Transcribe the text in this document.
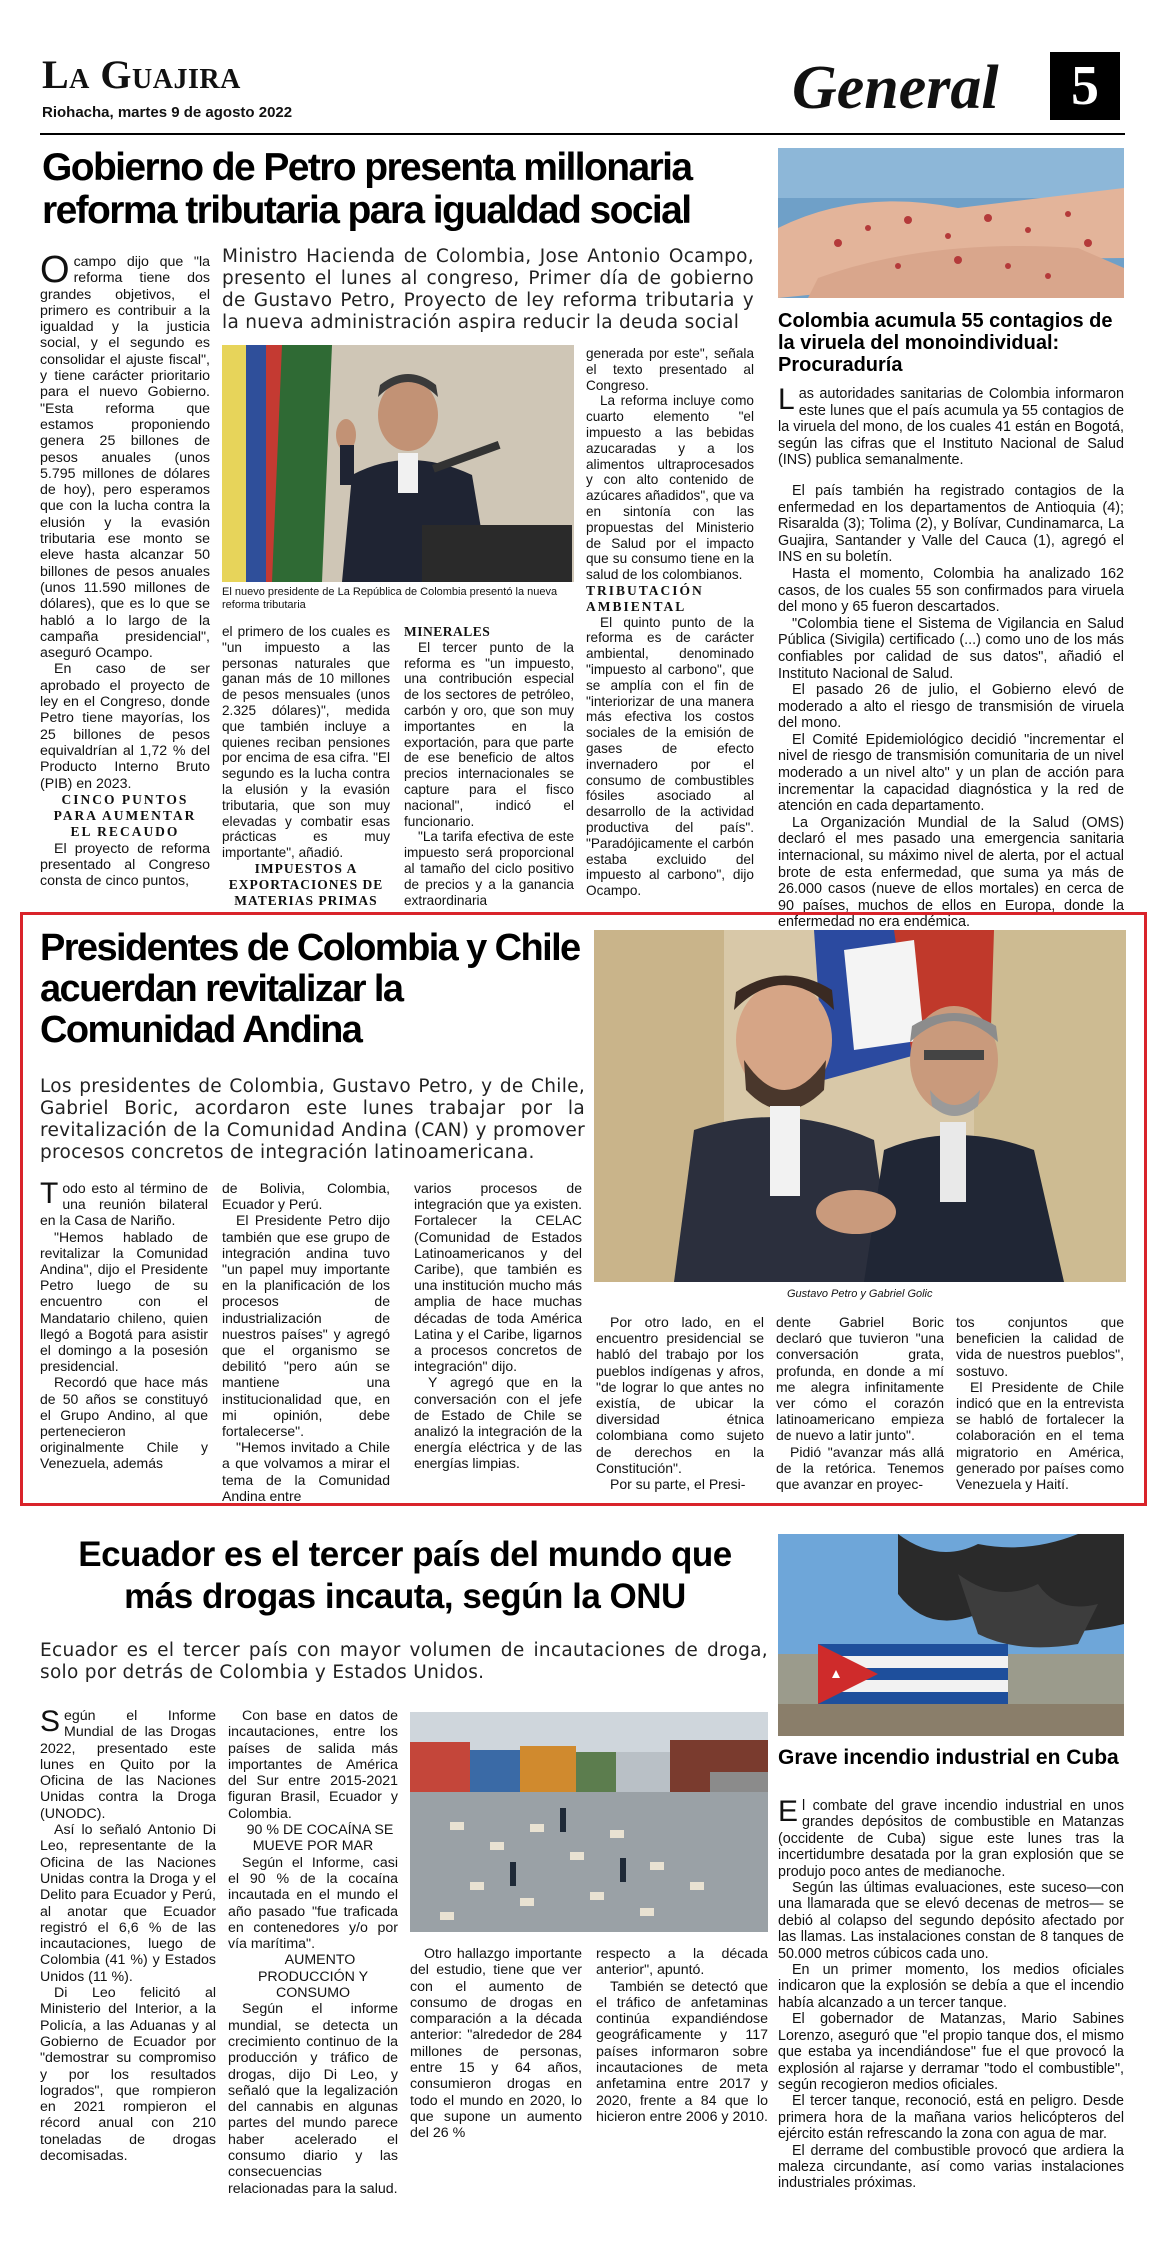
La Guajira
Riohacha, martes 9 de agosto 2022	General	5
Gobierno de Petro presenta millonaria reforma tributaria para igualdad social

Ocampo dijo que "la reforma tiene dos grandes objetivos, el primero es contribuir a la igualdad y la justicia social, y el segundo es consolidar el ajuste fiscal", y tiene carácter prioritario para el nuevo Gobierno. "Esta reforma que estamos proponiendo genera 25 billones de pesos anuales (unos 5.795 millones de dólares de hoy), pero esperamos que con la lucha contra la elusión y la evasión tributaria ese monto se eleve hasta alcanzar 50 billones de pesos anuales (unos 11.590 millones de dólares), que es lo que se habló a lo largo de la campaña presidencial", aseguró Ocampo.

En caso de ser aprobado el proyecto de ley en el Congreso, donde Petro tiene mayorías, los 25 billones de pesos equivaldrían al 1,72 % del Producto Interno Bruto (PIB) en 2023.

CINCO PUNTOS PARA AUMENTAR EL RECAUDO

El proyecto de reforma presentado al Congreso consta de cinco puntos,

Ministro Hacienda de Colombia, Jose Antonio Ocampo, presento el lunes al congreso, Primer día de gobierno de Gustavo Petro, Proyecto de ley reforma tributaria y la nueva administración aspira reducir la deuda social
El nuevo presidente de La República de Colombia presentó la nueva reforma tributaria

el primero de los cuales es "un impuesto a las personas naturales que ganan más de 10 millones de pesos mensuales (unos 2.325 dólares)", medida que también incluye a quienes reciban pensiones por encima de esa cifra. "El segundo es la lucha contra la elusión y la evasión tributaria, que son muy elevadas y combatir esas prácticas es muy importante", añadió.

IMPUESTOS A EXPORTACIONES DE MATERIAS PRIMAS

MINERALES

El tercer punto de la reforma es "un impuesto, una contribución especial de los sectores de petróleo, carbón y oro, que son muy importantes en la exportación, para que parte de ese beneficio de altos precios internacionales se capture para el fisco nacional", indicó el funcionario.

"La tarifa efectiva de este impuesto será proporcional al tamaño del ciclo positivo de precios y a la ganancia extraordinaria

generada por este", señala el texto presentado al Congreso.

La reforma incluye como cuarto elemento "el impuesto a las bebidas azucaradas y a los alimentos ultraprocesados y con alto contenido de azúcares añadidos", que va en sintonía con las propuestas del Ministerio de Salud por el impacto que su consumo tiene en la salud de los colombianos.

TRIBUTACIÓN AMBIENTAL

El quinto punto de la reforma es de carácter ambiental, denominado "impuesto al carbono", que se amplía con el fin de "interiorizar de una manera más efectiva los costos sociales de la emisión de gases de efecto invernadero por el consumo de combustibles fósiles asociado al desarrollo de la actividad productiva del país". "Paradójicamente el carbón estaba excluido del impuesto al carbono", dijo Ocampo.

Colombia acumula 55 contagios de la viruela del monoindividual: Procuraduría

Las autoridades sanitarias de Colombia informaron este lunes que el país acumula ya 55 contagios de la viruela del mono, de los cuales 41 están en Bogotá, según las cifras que el Instituto Nacional de Salud (INS) publica semanalmente.

El país también ha registrado contagios de la enfermedad en los departamentos de Antioquia (4); Risaralda (3); Tolima (2), y Bolívar, Cundinamarca, La Guajira, Santander y Valle del Cauca (1), agregó el INS en su boletín.

Hasta el momento, Colombia ha analizado 162 casos, de los cuales 55 son confirmados para viruela del mono y 65 fueron descartados.

"Colombia tiene el Sistema de Vigilancia en Salud Pública (Sivigila) certificado (...) como uno de los más confiables por calidad de sus datos", añadió el Instituto Nacional de Salud.

El pasado 26 de julio, el Gobierno elevó de moderado a alto el riesgo de transmisión de viruela del mono.

El Comité Epidemiológico decidió "incrementar el nivel de riesgo de transmisión comunitaria de un nivel moderado a un nivel alto" y un plan de acción para incrementar la capacidad diagnóstica y la red de atención en cada departamento.

La Organización Mundial de la Salud (OMS) declaró el mes pasado una emergencia sanitaria internacional, su máximo nivel de alerta, por el actual brote de esta enfermedad, que suma ya más de 26.000 casos (nueve de ellos mortales) en cerca de 90 países, muchos de ellos en Europa, donde la enfermedad no era endémica.

Presidentes de Colombia y Chile acuerdan revitalizar la Comunidad Andina
Los presidentes de Colombia, Gustavo Petro, y de Chile, Gabriel Boric, acordaron este lunes trabajar por la revitalización de la Comunidad Andina (CAN) y promover procesos concretos de integración latinoamericana.
Gustavo Petro y Gabriel Golic

Todo esto al término de una reunión bilateral en la Casa de Nariño.

"Hemos hablado de revitalizar la Comunidad Andina", dijo el Presidente Petro luego de su encuentro con el Mandatario chileno, quien llegó a Bogotá para asistir el domingo a la posesión presidencial.

Recordó que hace más de 50 años se constituyó el Grupo Andino, al que pertenecieron originalmente Chile y Venezuela, además

de Bolivia, Colombia, Ecuador y Perú.

El Presidente Petro dijo también que ese grupo de integración andina tuvo "un papel muy importante en la planificación de los procesos de industrialización de nuestros países" y agregó que el organismo se debilitó "pero aún se mantiene una institucionalidad que, en mi opinión, debe fortalecerse".

"Hemos invitado a Chile a que volvamos a mirar el tema de la Comunidad Andina entre

varios procesos de integración que ya existen. Fortalecer la CELAC (Comunidad de Estados Latinoamericanos y del Caribe), que también es una institución mucho más amplia de hace muchas décadas de toda América Latina y el Caribe, ligarnos a procesos concretos de integración" dijo.

Y agregó que en la conversación con el jefe de Estado de Chile se analizó la integración de la energía eléctrica y de las energías limpias.

Por otro lado, en el encuentro presidencial se habló del trabajo por los pueblos indígenas y afros, "de lograr lo que antes no existía, de ubicar la diversidad étnica colombiana como sujeto de derechos en la Constitución".

Por su parte, el Presi-

dente Gabriel Boric declaró que tuvieron "una conversación grata, profunda, en donde a mí me alegra infinitamente ver cómo el corazón latinoamericano empieza de nuevo a latir junto".

Pidió "avanzar más allá de la retórica. Tenemos que avanzar en proyec-

tos conjuntos que beneficien la calidad de vida de nuestros pueblos", sostuvo.

El Presidente de Chile indicó que en la entrevista se habló de fortalecer la colaboración en el tema migratorio en América, generado por países como Venezuela y Haití.

Ecuador es el tercer país del mundo que más drogas incauta, según la ONU
Ecuador es el tercer país con mayor volumen de incautaciones de droga, solo por detrás de Colombia y Estados Unidos.

Según el Informe Mundial de las Drogas 2022, presentado este lunes en Quito por la Oficina de las Naciones Unidas contra la Droga (UNODC).

Así lo señaló Antonio Di Leo, representante de la Oficina de las Naciones Unidas contra la Droga y el Delito para Ecuador y Perú, al anotar que Ecuador registró el 6,6 % de las incautaciones, luego de Colombia (41 %) y Estados Unidos (11 %).

Di Leo felicitó al Ministerio del Interior, a la Policía, a las Aduanas y al Gobierno de Ecuador por "demostrar su compromiso y por los resultados logrados", que rompieron en 2021 rompieron el récord anual con 210 toneladas de drogas decomisadas.

Con base en datos de incautaciones, entre los países de salida más importantes de América del Sur entre 2015-2021 figuran Brasil, Ecuador y Colombia.

90 % DE COCAÍNA SE MUEVE POR MAR

Según el Informe, casi el 90 % de la cocaína incautada en el mundo el año pasado "fue traficada en contenedores y/o por vía marítima".

AUMENTO PRODUCCIÓN Y CONSUMO

Según el informe mundial, se detecta un crecimiento continuo de la producción y tráfico de drogas, dijo Di Leo, y señaló que la legalización del cannabis en algunas partes del mundo parece haber acelerado el consumo diario y las consecuencias relacionadas para la salud.

Otro hallazgo importante del estudio, tiene que ver con el aumento de consumo de drogas en comparación a la década anterior: "alrededor de 284 millones de personas, entre 15 y 64 años, consumieron drogas en todo el mundo en 2020, lo que supone un aumento del 26 %

respecto a la década anterior", apuntó.

También se detectó que el tráfico de anfetaminas continúa expandiéndose geográficamente y 117 países informaron sobre incautaciones de meta anfetamina entre 2017 y 2020, frente a 84 que lo hicieron entre 2006 y 2010.

Grave incendio industrial en Cuba

El combate del grave incendio industrial en unos grandes depósitos de combustible en Matanzas (occidente de Cuba) sigue este lunes tras la incertidumbre desatada por la gran explosión que se produjo poco antes de medianoche.

Según las últimas evaluaciones, este suceso—con una llamarada que se elevó decenas de metros— se debió al colapso del segundo depósito afectado por las llamas. Las instalaciones constan de 8 tanques de 50.000 metros cúbicos cada uno.

En un primer momento, los medios oficiales indicaron que la explosión se debía a que el incendio había alcanzado a un tercer tanque.

El gobernador de Matanzas, Mario Sabines Lorenzo, aseguró que "el propio tanque dos, el mismo que estaba ya incendiándose" fue el que provocó la explosión al rajarse y derramar "todo el combustible", según recogieron medios oficiales.

El tercer tanque, reconoció, está en peligro. Desde primera hora de la mañana varios helicópteros del ejército están refrescando la zona con agua de mar.

El derrame del combustible provocó que ardiera la maleza circundante, así como varias instalaciones industriales próximas.
